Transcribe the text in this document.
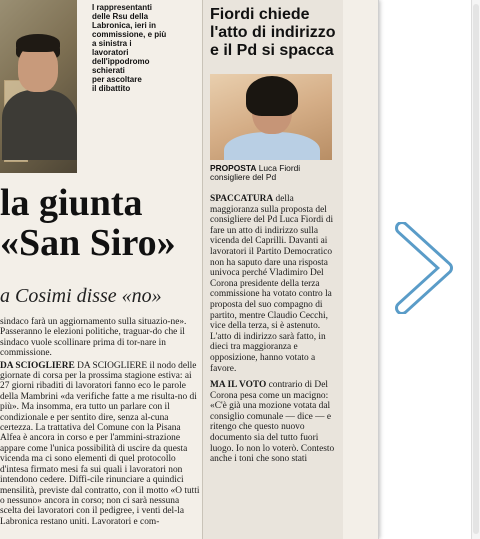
I rappresentanti
delle Rsu della
Labronica, ieri in
commissione, e più
a sinistra i
lavoratori
dell'ippodromo
schierati
per ascoltare
il dibattito
la giunta
«San Siro»
a Cosimi disse «no»

sindaco farà un aggiornamento sulla situazio-ne». Passeranno le elezioni politiche, traguar-do che il sindaco vuole scollinare prima di tor-nare in commissione.

DA SCIOGLIERE DA SCIOGLIERE il nodo delle giornate di corsa per la prossima stagione estiva: ai 27 giorni ribaditi di lavoratori fanno eco le parole della Mambrini «da verifiche fatte a me risulta-no di più». Ma insomma, era tutto un parlare con il condizionale e per sentito dire, senza al-cuna certezza. La trattativa del Comune con la Pisana Alfea è ancora in corso e per l'ammini-strazione appare come l'unica possibilità di uscire da questa vicenda ma ci sono elementi di quel protocollo d'intesa firmato mesi fa sui quali i lavoratori non intendono cedere. Diffi-cile rinunciare a quindici mensilità, previste dal contratto, con il motto «O tutti o nessuno» ancora in corso; non ci sarà nessuna scelta dei lavoratori con il pedigree, i venti del-la Labronica restano uniti. Lavoratori e com-

Fiordi chiede l'atto di indirizzo e il Pd si spacca
PROPOSTA Luca Fiordi consigliere del Pd

SPACCATURA della maggioranza sulla proposta del consigliere del Pd Luca Fiordi di fare un atto di indirizzo sulla vicenda del Caprilli. Davanti ai lavoratori il Partito Democratico non ha saputo dare una risposta univoca perché Vladimiro Del Corona presidente della terza commissione ha votato contro la proposta del suo compagno di partito, mentre Claudio Cecchi, vice della terza, si è astenuto. L'atto di indirizzo sarà fatto, in dieci tra maggioranza e opposizione, hanno votato a favore.

MA IL VOTO contrario di Del Corona pesa come un macigno: «C'è già una mozione votata dal consiglio comunale — dice — e ritengo che questo nuovo documento sia del tutto fuori luogo. Io non lo voterò. Contesto anche i toni che sono stati
